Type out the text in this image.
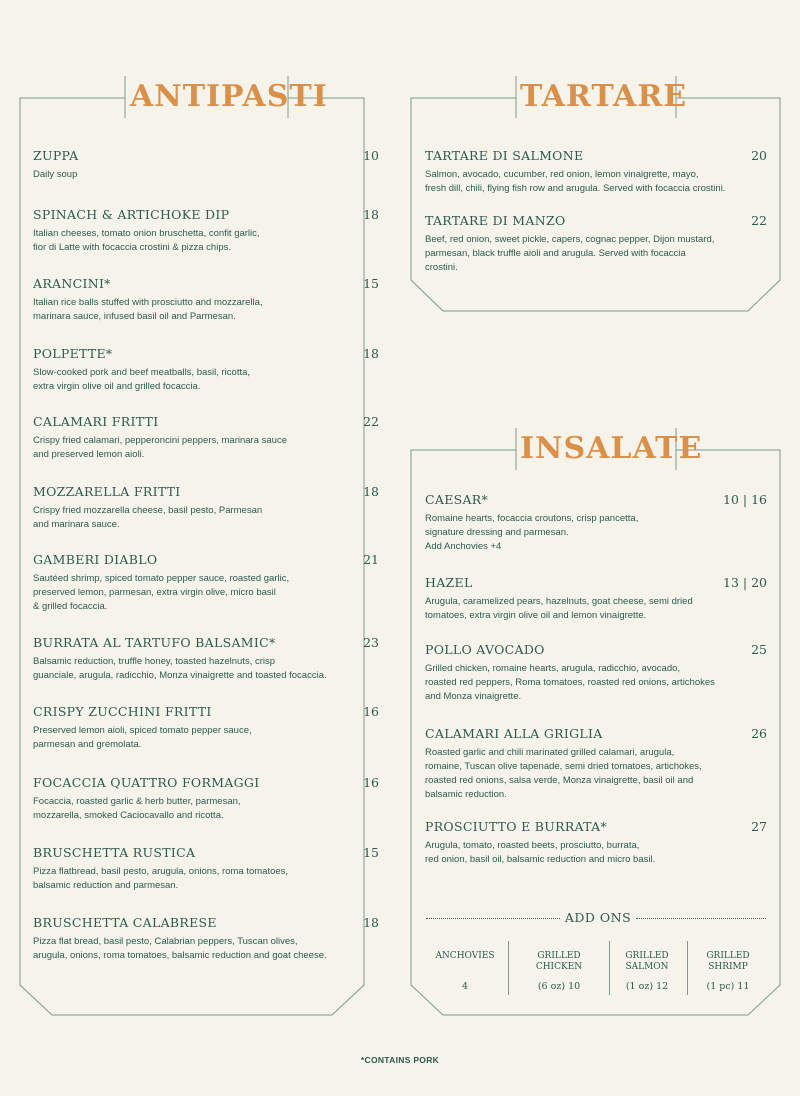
ANTIPASTI	TARTARE
INSALATE
ZUPPA	10
Daily soup
SPINACH & ARTICHOKE DIP	18
Italian cheeses, tomato onion bruschetta, confit garlic,
fior di Latte with focaccia crostini & pizza chips.
ARANCINI*	15
Italian rice balls stuffed with prosciutto and mozzarella,
marinara sauce, infused basil oil and Parmesan.
POLPETTE*	18
Slow-cooked pork and beef meatballs, basil, ricotta,
extra virgin olive oil and grilled focaccia.
CALAMARI FRITTI	22
Crispy fried calamari, pepperoncini peppers, marinara sauce
and preserved lemon aioli.
MOZZARELLA FRITTI	18
Crispy fried mozzarella cheese, basil pesto, Parmesan
and marinara sauce.
GAMBERI DIABLO	21
Sautéed shrimp, spiced tomato pepper sauce, roasted garlic,
preserved lemon, parmesan, extra virgin olive, micro basil
& grilled focaccia.
BURRATA AL TARTUFO BALSAMIC*	23
Balsamic reduction, truffle honey, toasted hazelnuts, crisp
guanciale, arugula, radicchio, Monza vinaigrette and toasted focaccia.
CRISPY ZUCCHINI FRITTI	16
Preserved lemon aioli, spiced tomato pepper sauce,
parmesan and gremolata.
FOCACCIA QUATTRO FORMAGGI	16
Focaccia, roasted garlic & herb butter, parmesan,
mozzarella, smoked Caciocavallo and ricotta.
BRUSCHETTA RUSTICA	15
Pizza flatbread, basil pesto, arugula, onions, roma tomatoes,
balsamic reduction and parmesan.
BRUSCHETTA CALABRESE	18
Pizza flat bread, basil pesto, Calabrian peppers, Tuscan olives,
arugula, onions, roma tomatoes, balsamic reduction and goat cheese.
TARTARE DI SALMONE	20
Salmon, avocado, cucumber, red onion, lemon vinaigrette, mayo,
fresh dill, chili, flying fish row and arugula. Served with focaccia crostini.
TARTARE DI MANZO	22
Beef, red onion, sweet pickle, capers, cognac pepper, Dijon mustard,
parmesan, black truffle aioli and arugula. Served with focaccia
crostini.
CAESAR*	10 | 16
Romaine hearts, focaccia croutons, crisp pancetta,
signature dressing and parmesan.
Add Anchovies +4
HAZEL	13 | 20
Arugula, caramelized pears, hazelnuts, goat cheese, semi dried
tomatoes, extra virgin olive oil and lemon vinaigrette.
POLLO AVOCADO	25
Grilled chicken, romaine hearts, arugula, radicchio, avocado,
roasted red peppers, Roma tomatoes, roasted red onions, artichokes
and Monza vinaigrette.
CALAMARI ALLA GRIGLIA	26
Roasted garlic and chili marinated grilled calamari, arugula,
romaine, Tuscan olive tapenade, semi dried tomatoes, artichokes,
roasted red onions, salsa verde, Monza vinaigrette, basil oil and
balsamic reduction.
PROSCIUTTO E BURRATA*	27
Arugula, tomato, roasted beets, prosciutto, burrata,
red onion, basil oil, balsamic reduction and micro basil.
ADD ONS
ANCHOVIES
4
GRILLED
CHICKEN
(6 oz) 10
GRILLED
SALMON
(1 oz) 12
GRILLED
SHRIMP
(1 pc) 11
*CONTAINS PORK
